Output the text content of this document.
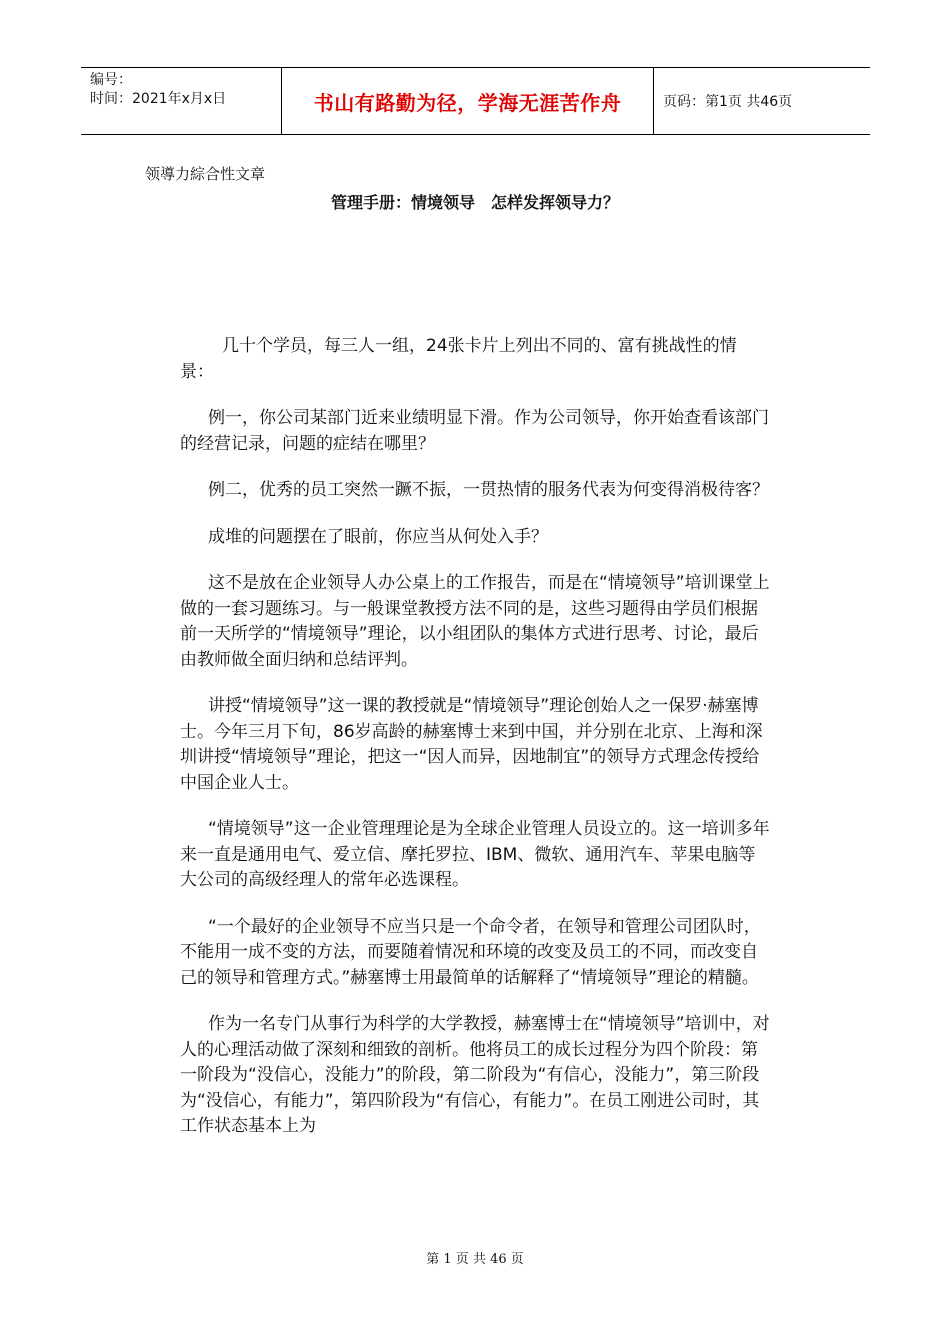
编号：
时间：2021年x月x日	书山有路勤为径，学海无涯苦作舟	页码：第1页 共46页
领導力綜合性文章
管理手册：情境领导　怎样发挥领导力？

几十个学员，每三人一组，24张卡片上列出不同的、富有挑战性的情景：

例一，你公司某部门近来业绩明显下滑。作为公司领导，你开始查看该部门的经营记录，问题的症结在哪里？

例二，优秀的员工突然一蹶不振，一贯热情的服务代表为何变得消极待客？

成堆的问题摆在了眼前，你应当从何处入手？

这不是放在企业领导人办公桌上的工作报告，而是在“情境领导”培训课堂上做的一套习题练习。与一般课堂教授方法不同的是，这些习题得由学员们根据前一天所学的“情境领导”理论，以小组团队的集体方式进行思考、讨论，最后由教师做全面归纳和总结评判。

讲授“情境领导”这一课的教授就是“情境领导”理论创始人之一保罗·赫塞博士。今年三月下旬，86岁高龄的赫塞博士来到中国，并分别在北京、上海和深圳讲授“情境领导”理论，把这一“因人而异，因地制宜”的领导方式理念传授给中国企业人士。

“情境领导”这一企业管理理论是为全球企业管理人员设立的。这一培训多年来一直是通用电气、爱立信、摩托罗拉、IBM、微软、通用汽车、苹果电脑等大公司的高级经理人的常年必选课程。

“一个最好的企业领导不应当只是一个命令者，在领导和管理公司团队时，不能用一成不变的方法，而要随着情况和环境的改变及员工的不同，而改变自己的领导和管理方式。”赫塞博士用最简单的话解释了“情境领导”理论的精髓。

作为一名专门从事行为科学的大学教授，赫塞博士在“情境领导”培训中，对人的心理活动做了深刻和细致的剖析。他将员工的成长过程分为四个阶段：第一阶段为“没信心，没能力”的阶段，第二阶段为“有信心，没能力”，第三阶段为“没信心，有能力”，第四阶段为“有信心，有能力”。在员工刚进公司时，其工作状态基本上为

第 1 页 共 46 页
